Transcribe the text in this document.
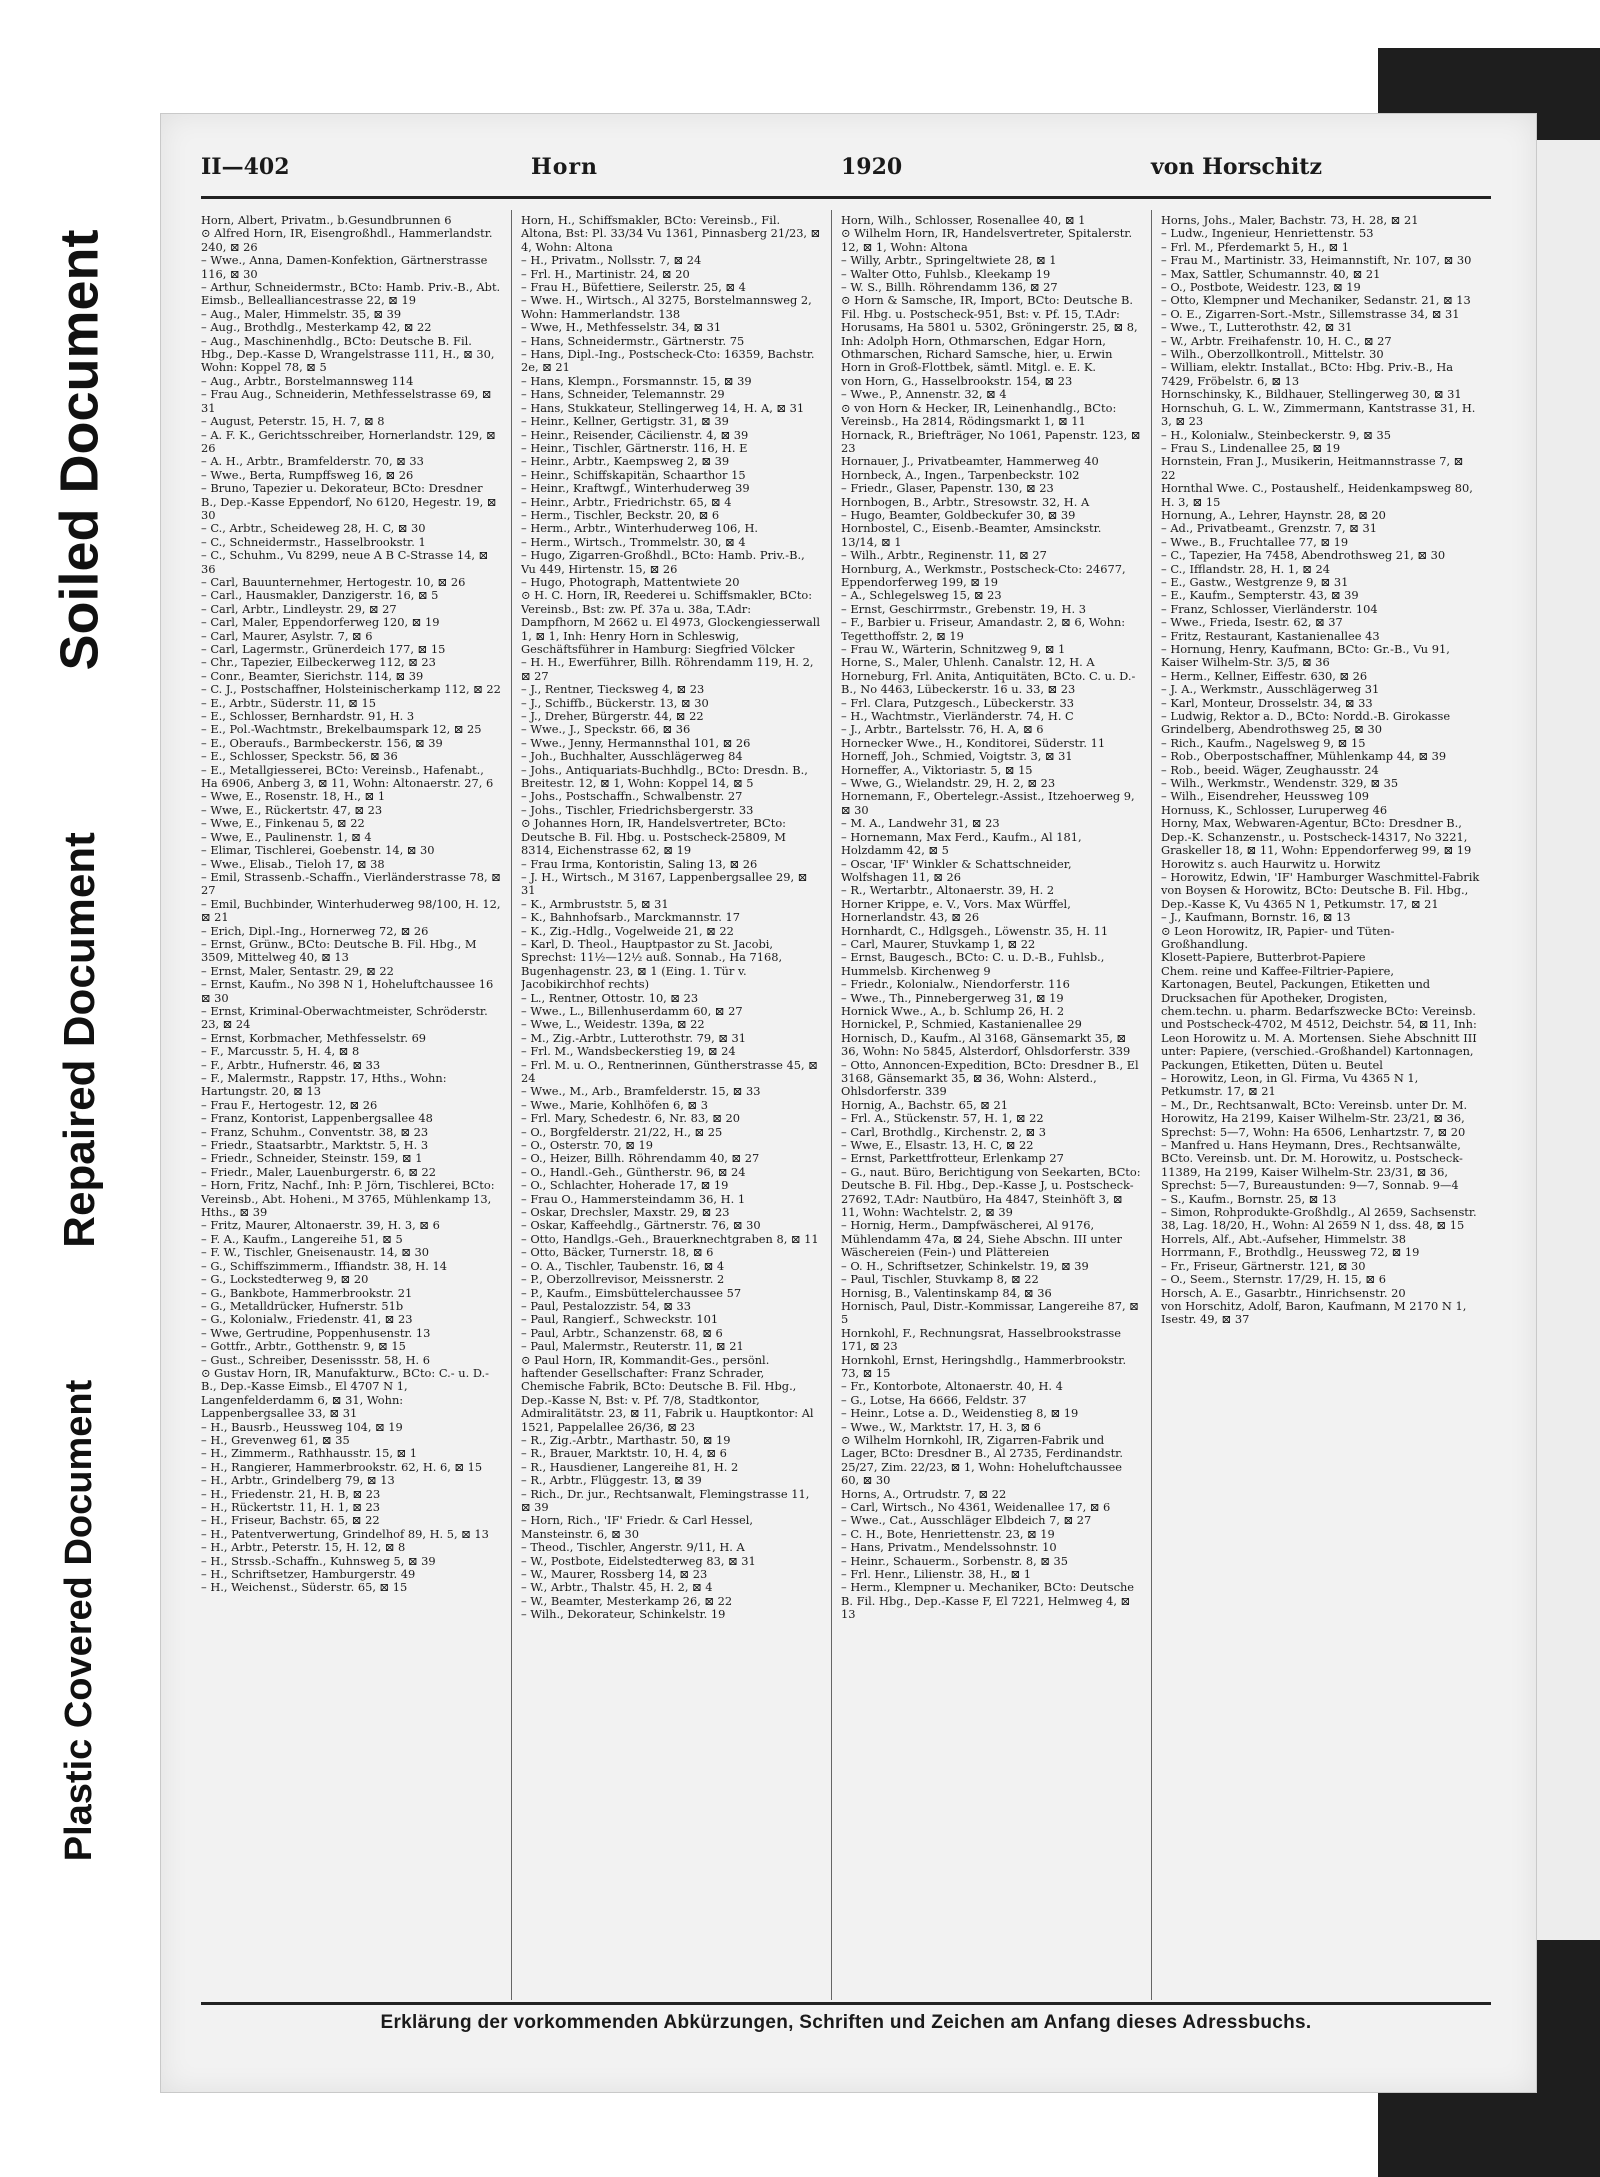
Soiled Document
Repaired Document
Plastic Covered Document
II—402	Horn	1920	von Horschitz

Horn, Albert, Privatm., b.Gesundbrunnen 6

⊙ Alfred Horn, IR, Eisengroßhdl., Hammerlandstr. 240, ⊠ 26

– Wwe., Anna, Damen-Konfektion, Gärtnerstrasse 116, ⊠ 30

– Arthur, Schneidermstr., BCto: Hamb. Priv.-B., Abt. Eimsb., Bellealliancestrasse 22, ⊠ 19

– Aug., Maler, Himmelstr. 35, ⊠ 39

– Aug., Brothdlg., Mesterkamp 42, ⊠ 22

– Aug., Maschinenhdlg., BCto: Deutsche B. Fil. Hbg., Dep.-Kasse D, Wrangelstrasse 111, H., ⊠ 30, Wohn: Koppel 78, ⊠ 5

– Aug., Arbtr., Borstelmannsweg 114

– Frau Aug., Schneiderin, Methfesselstrasse 69, ⊠ 31

– August, Peterstr. 15, H. 7, ⊠ 8

– A. F. K., Gerichtsschreiber, Hornerlandstr. 129, ⊠ 26

– A. H., Arbtr., Bramfelderstr. 70, ⊠ 33

– Wwe., Berta, Rumpffsweg 16, ⊠ 26

– Bruno, Tapezier u. Dekorateur, BCto: Dresdner B., Dep.-Kasse Eppendorf, No 6120, Hegestr. 19, ⊠ 30

– C., Arbtr., Scheideweg 28, H. C, ⊠ 30

– C., Schneidermstr., Hasselbrookstr. 1

– C., Schuhm., Vu 8299, neue A B C-Strasse 14, ⊠ 36

– Carl, Bauunternehmer, Hertogestr. 10, ⊠ 26

– Carl., Hausmakler, Danzigerstr. 16, ⊠ 5

– Carl, Arbtr., Lindleystr. 29, ⊠ 27

– Carl, Maler, Eppendorferweg 120, ⊠ 19

– Carl, Maurer, Asylstr. 7, ⊠ 6

– Carl, Lagermstr., Grünerdeich 177, ⊠ 15

– Chr., Tapezier, Eilbeckerweg 112, ⊠ 23

– Conr., Beamter, Sierichstr. 114, ⊠ 39

– C. J., Postschaffner, Holsteinischerkamp 112, ⊠ 22

– E., Arbtr., Süderstr. 11, ⊠ 15

– E., Schlosser, Bernhardstr. 91, H. 3

– E., Pol.-Wachtmstr., Brekelbaumspark 12, ⊠ 25

– E., Oberaufs., Barmbeckerstr. 156, ⊠ 39

– E., Schlosser, Speckstr. 56, ⊠ 36

– E., Metallgiesserei, BCto: Vereinsb., Hafenabt., Ha 6906, Anberg 3, ⊠ 11, Wohn: Altonaerstr. 27, 6

– Wwe, E., Rosenstr. 18, H., ⊠ 1

– Wwe, E., Rückertstr. 47, ⊠ 23

– Wwe, E., Finkenau 5, ⊠ 22

– Wwe, E., Paulinenstr. 1, ⊠ 4

– Elimar, Tischlerei, Goebenstr. 14, ⊠ 30

– Wwe., Elisab., Tieloh 17, ⊠ 38

– Emil, Strassenb.-Schaffn., Vierländerstrasse 78, ⊠ 27

– Emil, Buchbinder, Winterhuderweg 98/100, H. 12, ⊠ 21

– Erich, Dipl.-Ing., Hornerweg 72, ⊠ 26

– Ernst, Grünw., BCto: Deutsche B. Fil. Hbg., M 3509, Mittelweg 40, ⊠ 13

– Ernst, Maler, Sentastr. 29, ⊠ 22

– Ernst, Kaufm., No 398 N 1, Hoheluftchaussee 16 ⊠ 30

– Ernst, Kriminal-Oberwachtmeister, Schröderstr. 23, ⊠ 24

– Ernst, Korbmacher, Methfesselstr. 69

– F., Marcusstr. 5, H. 4, ⊠ 8

– F., Arbtr., Hufnerstr. 46, ⊠ 33

– F., Malermstr., Rappstr. 17, Hths., Wohn: Hartungstr. 20, ⊠ 13

– Frau F., Hertogestr. 12, ⊠ 26

– Franz, Kontorist, Lappenbergsallee 48

– Franz, Schuhm., Conventstr. 38, ⊠ 23

– Friedr., Staatsarbtr., Marktstr. 5, H. 3

– Friedr., Schneider, Steinstr. 159, ⊠ 1

– Friedr., Maler, Lauenburgerstr. 6, ⊠ 22

– Horn, Fritz, Nachf., Inh: P. Jörn, Tischlerei, BCto: Vereinsb., Abt. Hoheni., M 3765, Mühlenkamp 13, Hths., ⊠ 39

– Fritz, Maurer, Altonaerstr. 39, H. 3, ⊠ 6

– F. A., Kaufm., Langereihe 51, ⊠ 5

– F. W., Tischler, Gneisenaustr. 14, ⊠ 30

– G., Schiffszimmerm., Iffiandstr. 38, H. 14

– G., Lockstedterweg 9, ⊠ 20

– G., Bankbote, Hammerbrookstr. 21

– G., Metalldrücker, Hufnerstr. 51b

– G., Kolonialw., Friedenstr. 41, ⊠ 23

– Wwe, Gertrudine, Poppenhusenstr. 13

– Gottfr., Arbtr., Gotthenstr. 9, ⊠ 15

– Gust., Schreiber, Desenissstr. 58, H. 6

⊙ Gustav Horn, IR, Manufakturw., BCto: C.- u. D.-B., Dep.-Kasse Eimsb., El 4707 N 1, Langenfelderdamm 6, ⊠ 31, Wohn: Lappenbergsallee 33, ⊠ 31

– H., Bausrb., Heussweg 104, ⊠ 19

– H., Grevenweg 61, ⊠ 35

– H., Zimmerm., Rathhausstr. 15, ⊠ 1

– H., Rangierer, Hammerbrookstr. 62, H. 6, ⊠ 15

– H., Arbtr., Grindelberg 79, ⊠ 13

– H., Friedenstr. 21, H. B, ⊠ 23

– H., Rückertstr. 11, H. 1, ⊠ 23

– H., Friseur, Bachstr. 65, ⊠ 22

– H., Patentverwertung, Grindelhof 89, H. 5, ⊠ 13

– H., Arbtr., Peterstr. 15, H. 12, ⊠ 8

– H., Strssb.-Schaffn., Kuhnsweg 5, ⊠ 39

– H., Schriftsetzer, Hamburgerstr. 49

– H., Weichenst., Süderstr. 65, ⊠ 15

Horn, H., Schiffsmakler, BCto: Vereinsb., Fil. Altona, Bst: Pl. 33/34 Vu 1361, Pinnasberg 21/23, ⊠ 4, Wohn: Altona

– H., Privatm., Nollsstr. 7, ⊠ 24

– Frl. H., Martinistr. 24, ⊠ 20

– Frau H., Büfettiere, Seilerstr. 25, ⊠ 4

– Wwe. H., Wirtsch., Al 3275, Borstelmannsweg 2, Wohn: Hammerlandstr. 138

– Wwe, H., Methfesselstr. 34, ⊠ 31

– Hans, Schneidermstr., Gärtnerstr. 75

– Hans, Dipl.-Ing., Postscheck-Cto: 16359, Bachstr. 2e, ⊠ 21

– Hans, Klempn., Forsmannstr. 15, ⊠ 39

– Hans, Schneider, Telemannstr. 29

– Hans, Stukkateur, Stellingerweg 14, H. A, ⊠ 31

– Heinr., Kellner, Gertigstr. 31, ⊠ 39

– Heinr., Reisender, Cäcilienstr. 4, ⊠ 39

– Heinr., Tischler, Gärtnerstr. 116, H. E

– Heinr., Arbtr., Kaempsweg 2, ⊠ 39

– Heinr., Schiffskapitän, Schaarthor 15

– Heinr., Kraftwgf., Winterhuderweg 39

– Heinr., Arbtr., Friedrichstr. 65, ⊠ 4

– Herm., Tischler, Beckstr. 20, ⊠ 6

– Herm., Arbtr., Winterhuderweg 106, H.

– Herm., Wirtsch., Trommelstr. 30, ⊠ 4

– Hugo, Zigarren-Großhdl., BCto: Hamb. Priv.-B., Vu 449, Hirtenstr. 15, ⊠ 26

– Hugo, Photograph, Mattentwiete 20

⊙ H. C. Horn, IR, Reederei u. Schiffsmakler, BCto: Vereinsb., Bst: zw. Pf. 37a u. 38a, T.Adr: Dampfhorn, M 2662 u. El 4973, Glockengiesserwall 1, ⊠ 1, Inh: Henry Horn in Schleswig, Geschäftsführer in Hamburg: Siegfried Völcker

– H. H., Ewerführer, Billh. Röhrendamm 119, H. 2, ⊠ 27

– J., Rentner, Tiecksweg 4, ⊠ 23

– J., Schiffb., Bückerstr. 13, ⊠ 30

– J., Dreher, Bürgerstr. 44, ⊠ 22

– Wwe., J., Speckstr. 66, ⊠ 36

– Wwe., Jenny, Hermannsthal 101, ⊠ 26

– Joh., Buchhalter, Ausschlägerweg 84

– Johs., Antiquariats-Buchhdlg., BCto: Dresdn. B., Breitestr. 12, ⊠ 1, Wohn: Koppel 14, ⊠ 5

– Johs., Postschaffn., Schwalbenstr. 27

– Johs., Tischler, Friedrichsbergerstr. 33

⊙ Johannes Horn, IR, Handelsvertreter, BCto: Deutsche B. Fil. Hbg. u. Postscheck-25809, M 8314, Eichenstrasse 62, ⊠ 19

– Frau Irma, Kontoristin, Saling 13, ⊠ 26

– J. H., Wirtsch., M 3167, Lappenbergsallee 29, ⊠ 31

– K., Armbruststr. 5, ⊠ 31

– K., Bahnhofsarb., Marckmannstr. 17

– K., Zig.-Hdlg., Vogelweide 21, ⊠ 22

– Karl, D. Theol., Hauptpastor zu St. Jacobi, Sprechst: 11½—12½ auß. Sonnab., Ha 7168, Bugenhagenstr. 23, ⊠ 1 (Eing. 1. Tür v. Jacobikirchhof rechts)

– L., Rentner, Ottostr. 10, ⊠ 23

– Wwe., L., Billenhuserdamm 60, ⊠ 27

– Wwe, L., Weidestr. 139a, ⊠ 22

– M., Zig.-Arbtr., Lutterothstr. 79, ⊠ 31

– Frl. M., Wandsbeckerstieg 19, ⊠ 24

– Frl. M. u. O., Rentnerinnen, Güntherstrasse 45, ⊠ 24

– Wwe., M., Arb., Bramfelderstr. 15, ⊠ 33

– Wwe., Marie, Kohlhöfen 6, ⊠ 3

– Frl. Mary, Schedestr. 6, Nr. 83, ⊠ 20

– O., Borgfelderstr. 21/22, H., ⊠ 25

– O., Osterstr. 70, ⊠ 19

– O., Heizer, Billh. Röhrendamm 40, ⊠ 27

– O., Handl.-Geh., Güntherstr. 96, ⊠ 24

– O., Schlachter, Hoherade 17, ⊠ 19

– Frau O., Hammersteindamm 36, H. 1

– Oskar, Drechsler, Maxstr. 29, ⊠ 23

– Oskar, Kaffeehdlg., Gärtnerstr. 76, ⊠ 30

– Otto, Handlgs.-Geh., Brauerknechtgraben 8, ⊠ 11

– Otto, Bäcker, Turnerstr. 18, ⊠ 6

– O. A., Tischler, Taubenstr. 16, ⊠ 4

– P., Oberzollrevisor, Meissnerstr. 2

– P., Kaufm., Eimsbüttelerchaussee 57

– Paul, Pestalozzistr. 54, ⊠ 33

– Paul, Rangierf., Schweckstr. 101

– Paul, Arbtr., Schanzenstr. 68, ⊠ 6

– Paul, Malermstr., Reuterstr. 11, ⊠ 21

⊙ Paul Horn, IR, Kommandit-Ges., persönl. haftender Gesellschafter: Franz Schrader, Chemische Fabrik, BCto: Deutsche B. Fil. Hbg., Dep.-Kasse N, Bst: v. Pf. 7/8, Stadtkontor, Admiralitätstr. 23, ⊠ 11, Fabrik u. Hauptkontor: Al 1521, Pappelallee 26/36, ⊠ 23

– R., Zig.-Arbtr., Marthastr. 50, ⊠ 19

– R., Brauer, Marktstr. 10, H. 4, ⊠ 6

– R., Hausdiener, Langereihe 81, H. 2

– R., Arbtr., Flüggestr. 13, ⊠ 39

– Rich., Dr. jur., Rechtsanwalt, Flemingstrasse 11, ⊠ 39

– Horn, Rich., 'IF' Friedr. & Carl Hessel, Mansteinstr. 6, ⊠ 30

– Theod., Tischler, Angerstr. 9/11, H. A

– W., Postbote, Eidelstedterweg 83, ⊠ 31

– W., Maurer, Rossberg 14, ⊠ 23

– W., Arbtr., Thalstr. 45, H. 2, ⊠ 4

– W., Beamter, Mesterkamp 26, ⊠ 22

– Wilh., Dekorateur, Schinkelstr. 19

Horn, Wilh., Schlosser, Rosenallee 40, ⊠ 1

⊙ Wilhelm Horn, IR, Handelsvertreter, Spitalerstr. 12, ⊠ 1, Wohn: Altona

– Willy, Arbtr., Springeltwiete 28, ⊠ 1

– Walter Otto, Fuhlsb., Kleekamp 19

– W. S., Billh. Röhrendamm 136, ⊠ 27

⊙ Horn & Samsche, IR, Import, BCto: Deutsche B. Fil. Hbg. u. Postscheck-951, Bst: v. Pf. 15, T.Adr: Horusams, Ha 5801 u. 5302, Gröningerstr. 25, ⊠ 8, Inh: Adolph Horn, Othmarschen, Edgar Horn, Othmarschen, Richard Samsche, hier, u. Erwin Horn in Groß-Flottbek, sämtl. Mitgl. e. E. K.

von Horn, G., Hasselbrookstr. 154, ⊠ 23

– Wwe., P., Annenstr. 32, ⊠ 4

⊙ von Horn & Hecker, IR, Leinenhandlg., BCto: Vereinsb., Ha 2814, Rödingsmarkt 1, ⊠ 11

Hornack, R., Briefträger, No 1061, Papenstr. 123, ⊠ 23

Hornauer, J., Privatbeamter, Hammerweg 40

Hornbeck, A., Ingen., Tarpenbeckstr. 102

– Friedr., Glaser, Papenstr. 130, ⊠ 23

Hornbogen, B., Arbtr., Stresowstr. 32, H. A

– Hugo, Beamter, Goldbeckufer 30, ⊠ 39

Hornbostel, C., Eisenb.-Beamter, Amsinckstr. 13/14, ⊠ 1

– Wilh., Arbtr., Reginenstr. 11, ⊠ 27

Hornburg, A., Werkmstr., Postscheck-Cto: 24677, Eppendorferweg 199, ⊠ 19

– A., Schlegelsweg 15, ⊠ 23

– Ernst, Geschirrmstr., Grebenstr. 19, H. 3

– F., Barbier u. Friseur, Amandastr. 2, ⊠ 6, Wohn: Tegetthoffstr. 2, ⊠ 19

– Frau W., Wärterin, Schnitzweg 9, ⊠ 1

Horne, S., Maler, Uhlenh. Canalstr. 12, H. A

Horneburg, Frl. Anita, Antiquitäten, BCto. C. u. D.-B., No 4463, Lübeckerstr. 16 u. 33, ⊠ 23

– Frl. Clara, Putzgesch., Lübeckerstr. 33

– H., Wachtmstr., Vierländerstr. 74, H. C

– J., Arbtr., Bartelsstr. 76, H. A, ⊠ 6

Hornecker Wwe., H., Konditorei, Süderstr. 11

Horneff, Joh., Schmied, Voigtstr. 3, ⊠ 31

Horneffer, A., Viktoriastr. 5, ⊠ 15

– Wwe, G., Wielandstr. 29, H. 2, ⊠ 23

Hornemann, F., Obertelegr.-Assist., Itzehoerweg 9, ⊠ 30

– M. A., Landwehr 31, ⊠ 23

– Hornemann, Max Ferd., Kaufm., Al 181, Holzdamm 42, ⊠ 5

– Oscar, 'IF' Winkler & Schattschneider, Wolfshagen 11, ⊠ 26

– R., Wertarbtr., Altonaerstr. 39, H. 2

Horner Krippe, e. V., Vors. Max Würffel, Hornerlandstr. 43, ⊠ 26

Hornhardt, C., Hdlgsgeh., Löwenstr. 35, H. 11

– Carl, Maurer, Stuvkamp 1, ⊠ 22

– Ernst, Baugesch., BCto: C. u. D.-B., Fuhlsb., Hummelsb. Kirchenweg 9

– Friedr., Kolonialw., Niendorferstr. 116

– Wwe., Th., Pinnebergerweg 31, ⊠ 19

Hornick Wwe., A., b. Schlump 26, H. 2

Hornickel, P., Schmied, Kastanienallee 29

Hornisch, D., Kaufm., Al 3168, Gänsemarkt 35, ⊠ 36, Wohn: No 5845, Alsterdorf, Ohlsdorferstr. 339

– Otto, Annoncen-Expedition, BCto: Dresdner B., El 3168, Gänsemarkt 35, ⊠ 36, Wohn: Alsterd., Ohlsdorferstr. 339

Hornig, A., Bachstr. 65, ⊠ 21

– Frl. A., Stückenstr. 57, H. 1, ⊠ 22

– Carl, Brothdlg., Kirchenstr. 2, ⊠ 3

– Wwe, E., Elsastr. 13, H. C, ⊠ 22

– Ernst, Parkettfrotteur, Erlenkamp 27

– G., naut. Büro, Berichtigung von Seekarten, BCto: Deutsche B. Fil. Hbg., Dep.-Kasse J, u. Postscheck-27692, T.Adr: Nautbüro, Ha 4847, Steinhöft 3, ⊠ 11, Wohn: Wachtelstr. 2, ⊠ 39

– Hornig, Herm., Dampfwäscherei, Al 9176, Mühlendamm 47a, ⊠ 24, Siehe Abschn. III unter Wäschereien (Fein-) und Plättereien

– O. H., Schriftsetzer, Schinkelstr. 19, ⊠ 39

– Paul, Tischler, Stuvkamp 8, ⊠ 22

Hornisg, B., Valentinskamp 84, ⊠ 36

Hornisch, Paul, Distr.-Kommissar, Langereihe 87, ⊠ 5

Hornkohl, F., Rechnungsrat, Hasselbrookstrasse 171, ⊠ 23

Hornkohl, Ernst, Heringshdlg., Hammerbrookstr. 73, ⊠ 15

– Fr., Kontorbote, Altonaerstr. 40, H. 4

– G., Lotse, Ha 6666, Feldstr. 37

– Heinr., Lotse a. D., Weidenstieg 8, ⊠ 19

– Wwe., W., Marktstr. 17, H. 3, ⊠ 6

⊙ Wilhelm Hornkohl, IR, Zigarren-Fabrik und Lager, BCto: Dresdner B., Al 2735, Ferdinandstr. 25/27, Zim. 22/23, ⊠ 1, Wohn: Hoheluftchaussee 60, ⊠ 30

Horns, A., Ortrudstr. 7, ⊠ 22

– Carl, Wirtsch., No 4361, Weidenallee 17, ⊠ 6

– Wwe., Cat., Ausschläger Elbdeich 7, ⊠ 27

– C. H., Bote, Henriettenstr. 23, ⊠ 19

– Hans, Privatm., Mendelssohnstr. 10

– Heinr., Schauerm., Sorbenstr. 8, ⊠ 35

– Frl. Henr., Lilienstr. 38, H., ⊠ 1

– Herm., Klempner u. Mechaniker, BCto: Deutsche B. Fil. Hbg., Dep.-Kasse F, El 7221, Helmweg 4, ⊠ 13

Horns, Johs., Maler, Bachstr. 73, H. 28, ⊠ 21

– Ludw., Ingenieur, Henriettenstr. 53

– Frl. M., Pferdemarkt 5, H., ⊠ 1

– Frau M., Martinistr. 33, Heimannstift, Nr. 107, ⊠ 30

– Max, Sattler, Schumannstr. 40, ⊠ 21

– O., Postbote, Weidestr. 123, ⊠ 19

– Otto, Klempner und Mechaniker, Sedanstr. 21, ⊠ 13

– O. E., Zigarren-Sort.-Mstr., Sillemstrasse 34, ⊠ 31

– Wwe., T., Lutterothstr. 42, ⊠ 31

– W., Arbtr. Freihafenstr. 10, H. C., ⊠ 27

– Wilh., Oberzollkontroll., Mittelstr. 30

– William, elektr. Installat., BCto: Hbg. Priv.-B., Ha 7429, Fröbelstr. 6, ⊠ 13

Hornschinsky, K., Bildhauer, Stellingerweg 30, ⊠ 31

Hornschuh, G. L. W., Zimmermann, Kantstrasse 31, H. 3, ⊠ 23

– H., Kolonialw., Steinbeckerstr. 9, ⊠ 35

– Frau S., Lindenallee 25, ⊠ 19

Hornstein, Fran J., Musikerin, Heitmannstrasse 7, ⊠ 22

Hornthal Wwe. C., Postaushelf., Heidenkampsweg 80, H. 3, ⊠ 15

Hornung, A., Lehrer, Haynstr. 28, ⊠ 20

– Ad., Privatbeamt., Grenzstr. 7, ⊠ 31

– Wwe., B., Fruchtallee 77, ⊠ 19

– C., Tapezier, Ha 7458, Abendrothsweg 21, ⊠ 30

– C., Ifflandstr. 28, H. 1, ⊠ 24

– E., Gastw., Westgrenze 9, ⊠ 31

– E., Kaufm., Sempterstr. 43, ⊠ 39

– Franz, Schlosser, Vierländerstr. 104

– Wwe., Frieda, Isestr. 62, ⊠ 37

– Fritz, Restaurant, Kastanienallee 43

– Hornung, Henry, Kaufmann, BCto: Gr.-B., Vu 91, Kaiser Wilhelm-Str. 3/5, ⊠ 36

– Herm., Kellner, Eiffestr. 630, ⊠ 26

– J. A., Werkmstr., Ausschlägerweg 31

– Karl, Monteur, Drosselstr. 34, ⊠ 33

– Ludwig, Rektor a. D., BCto: Nordd.-B. Girokasse Grindelberg, Abendrothsweg 25, ⊠ 30

– Rich., Kaufm., Nagelsweg 9, ⊠ 15

– Rob., Oberpostschaffner, Mühlenkamp 44, ⊠ 39

– Rob., beeid. Wäger, Zeughausstr. 24

– Wilh., Werkmstr., Wendenstr. 329, ⊠ 35

– Wilh., Eisendreher, Heussweg 109

Hornuss, K., Schlosser, Luruperweg 46

Horny, Max, Webwaren-Agentur, BCto: Dresdner B., Dep.-K. Schanzenstr., u. Postscheck-14317, No 3221, Graskeller 18, ⊠ 11, Wohn: Eppendorferweg 99, ⊠ 19

Horowitz s. auch Haurwitz u. Horwitz

– Horowitz, Edwin, 'IF' Hamburger Waschmittel-Fabrik von Boysen & Horowitz, BCto: Deutsche B. Fil. Hbg., Dep.-Kasse K, Vu 4365 N 1, Petkumstr. 17, ⊠ 21

– J., Kaufmann, Bornstr. 16, ⊠ 13

⊙ Leon Horowitz, IR, Papier- und Tüten-Großhandlung.

Klosett-Papiere, Butterbrot-Papiere

Chem. reine und Kaffee-Filtrier-Papiere,

Kartonagen, Beutel, Packungen, Etiketten und Drucksachen für Apotheker, Drogisten,

chem.techn. u. pharm. Bedarfszwecke BCto: Vereinsb. und Postscheck-4702, M 4512, Deichstr. 54, ⊠ 11, Inh: Leon Horowitz u. M. A. Mortensen. Siehe Abschnitt III unter: Papiere, (verschied.-Großhandel) Kartonnagen, Packungen, Etiketten, Düten u. Beutel

– Horowitz, Leon, in Gl. Firma, Vu 4365 N 1, Petkumstr. 17, ⊠ 21

– M., Dr., Rechtsanwalt, BCto: Vereinsb. unter Dr. M. Horowitz, Ha 2199, Kaiser Wilhelm-Str. 23/21, ⊠ 36, Sprechst: 5—7, Wohn: Ha 6506, Lenhartzstr. 7, ⊠ 20

– Manfred u. Hans Heymann, Dres., Rechtsanwälte, BCto. Vereinsb. unt. Dr. M. Horowitz, u. Postscheck-11389, Ha 2199, Kaiser Wilhelm-Str. 23/31, ⊠ 36, Sprechst: 5—7, Bureaustunden: 9—7, Sonnab. 9—4

– S., Kaufm., Bornstr. 25, ⊠ 13

– Simon, Rohprodukte-Großhdlg., Al 2659, Sachsenstr. 38, Lag. 18/20, H., Wohn: Al 2659 N 1, dss. 48, ⊠ 15

Horrels, Alf., Abt.-Aufseher, Himmelstr. 38

Horrmann, F., Brothdlg., Heussweg 72, ⊠ 19

– Fr., Friseur, Gärtnerstr. 121, ⊠ 30

– O., Seem., Sternstr. 17/29, H. 15, ⊠ 6

Horsch, A. E., Gasarbtr., Hinrichsenstr. 20

von Horschitz, Adolf, Baron, Kaufmann, M 2170 N 1, Isestr. 49, ⊠ 37

Erklärung der vorkommenden Abkürzungen, Schriften und Zeichen am Anfang dieses Adressbuchs.
